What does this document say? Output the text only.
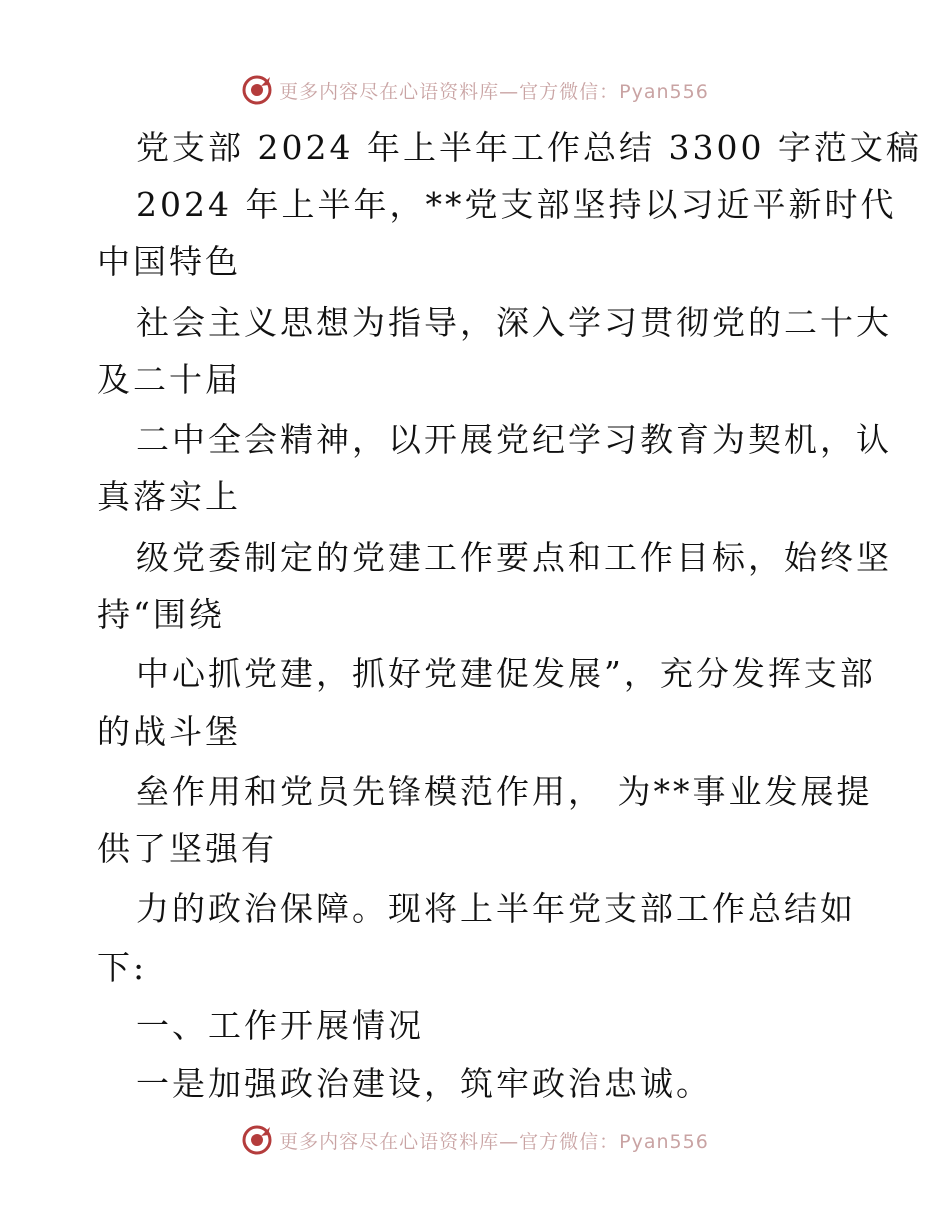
更多内容尽在心语资料库—官方微信：Pyan556
党支部 2024 年上半年工作总结 3300 字范文稿
2024 年上半年，**党支部坚持以习近平新时代
中国特色
社会主义思想为指导，深入学习贯彻党的二十大
及二十届
二中全会精神，以开展党纪学习教育为契机，认
真落实上
级党委制定的党建工作要点和工作目标，始终坚
持“围绕
中心抓党建，抓好党建促发展”，充分发挥支部
的战斗堡
垒作用和党员先锋模范作用， 为**事业发展提
供了坚强有
力的政治保障。现将上半年党支部工作总结如
下:
一、工作开展情况
一是加强政治建设，筑牢政治忠诚。
更多内容尽在心语资料库—官方微信：Pyan556
